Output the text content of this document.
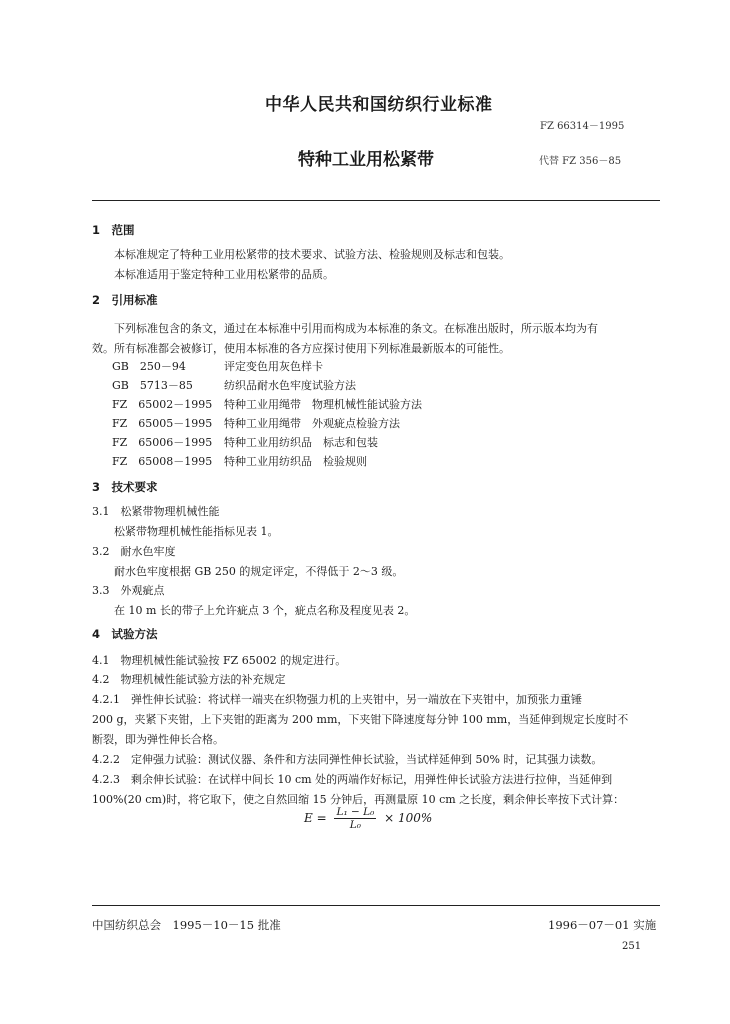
中华人民共和国纺织行业标准
FZ 66314－1995
特种工业用松紧带	代替 FZ 356－85
1　范围
本标准规定了特种工业用松紧带的技术要求、试验方法、检验规则及标志和包装。
本标准适用于鉴定特种工业用松紧带的品质。
2　引用标准
下列标准包含的条文，通过在本标准中引用而构成为本标准的条文。在标准出版时，所示版本均为有
效。所有标准都会被修订，使用本标准的各方应探讨使用下列标准最新版本的可能性。
GB　250－94	评定变色用灰色样卡
GB　5713－85	纺织品耐水色牢度试验方法
FZ　65002－1995 特种工业用绳带　物理机械性能试验方法
FZ　65005－1995 特种工业用绳带　外观疵点检验方法
FZ　65006－1995 特种工业用纺织品　标志和包装
FZ　65008－1995 特种工业用纺织品　检验规则
3　技术要求
3.1　松紧带物理机械性能
松紧带物理机械性能指标见表 1。
3.2　耐水色牢度
耐水色牢度根据 GB 250 的规定评定，不得低于 2～3 级。
3.3　外观疵点
在 10 m 长的带子上允许疵点 3 个，疵点名称及程度见表 2。
4　试验方法
4.1　物理机械性能试验按 FZ 65002 的规定进行。
4.2　物理机械性能试验方法的补充规定
4.2.1　弹性伸长试验：将试样一端夹在织物强力机的上夹钳中，另一端放在下夹钳中，加预张力重锤
200 g，夹紧下夹钳，上下夹钳的距离为 200 mm，下夹钳下降速度每分钟 100 mm，当延伸到规定长度时不
断裂，即为弹性伸长合格。
4.2.2　定伸强力试验：测试仪器、条件和方法同弹性伸长试验，当试样延伸到 50% 时，记其强力读数。
4.2.3　剩余伸长试验：在试样中间长 10 cm 处的两端作好标记，用弹性伸长试验方法进行拉伸，当延伸到
100%(20 cm)时，将它取下，使之自然回缩 15 分钟后，再测量原 10 cm 之长度，剩余伸长率按下式计算：
$E = \frac{\text{L₁ − L₀}}{\text{L₀}} \times 100\%$
中国纺织总会　1995－10－15 批准	1996－07－01 实施
251
